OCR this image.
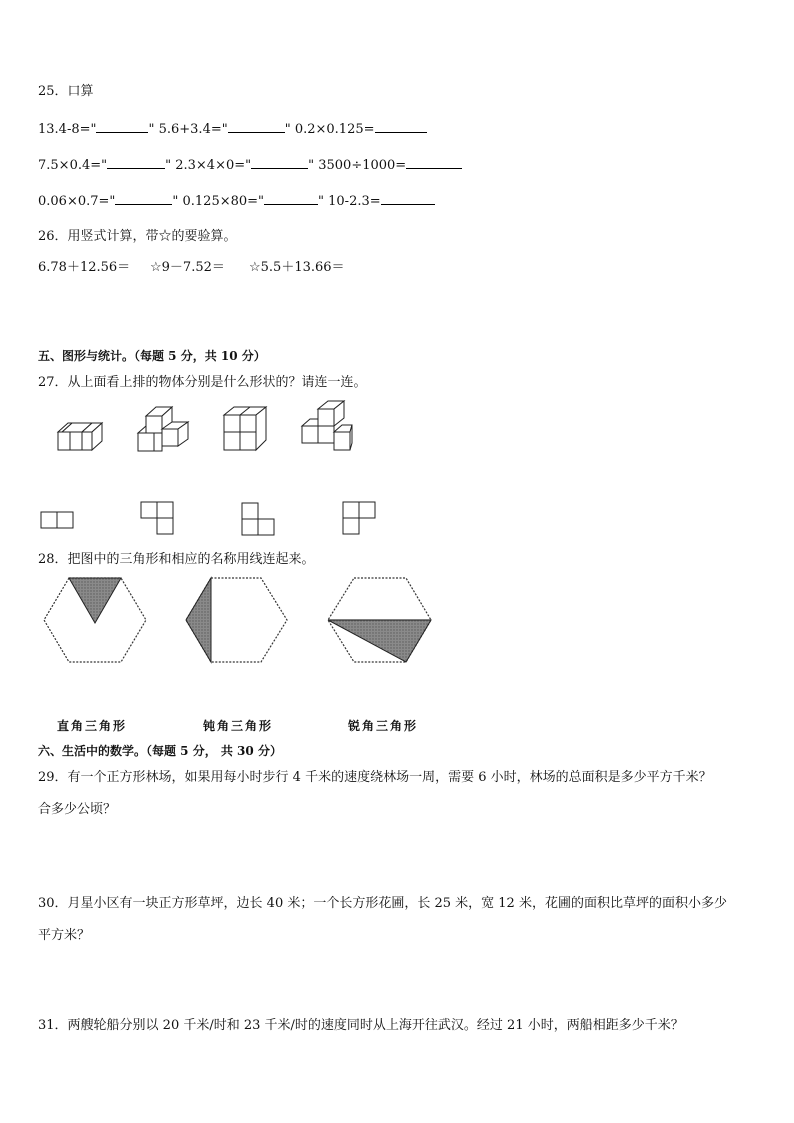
25．口算
13.4-8="	" 5.6+3.4="	" 0.2×0.125=
7.5×0.4="	" 2.3×4×0="	" 3500÷1000=
0.06×0.7="	" 0.125×80="	" 10-2.3=
26．用竖式计算，带☆的要验算。
6.78＋12.56＝ ☆9－7.52＝ ☆5.5＋13.66＝
五、图形与统计。（每题 5 分，共 10 分）
27．从上面看上排的物体分别是什么形状的？请连一连。
28．把图中的三角形和相应的名称用线连起来。
直角三角形	钝角三角形	锐角三角形
六、生活中的数学。（每题 5 分， 共 30 分）
29．有一个正方形林场，如果用每小时步行 4 千米的速度绕林场一周，需要 6 小时，林场的总面积是多少平方千米？
合多少公顷？
30．月星小区有一块正方形草坪，边长 40 米；一个长方形花圃，长 25 米，宽 12 米，花圃的面积比草坪的面积小多少
平方米？
31．两艘轮船分别以 20 千米/时和 23 千米/时的速度同时从上海开往武汉。经过 21 小时，两船相距多少千米？
